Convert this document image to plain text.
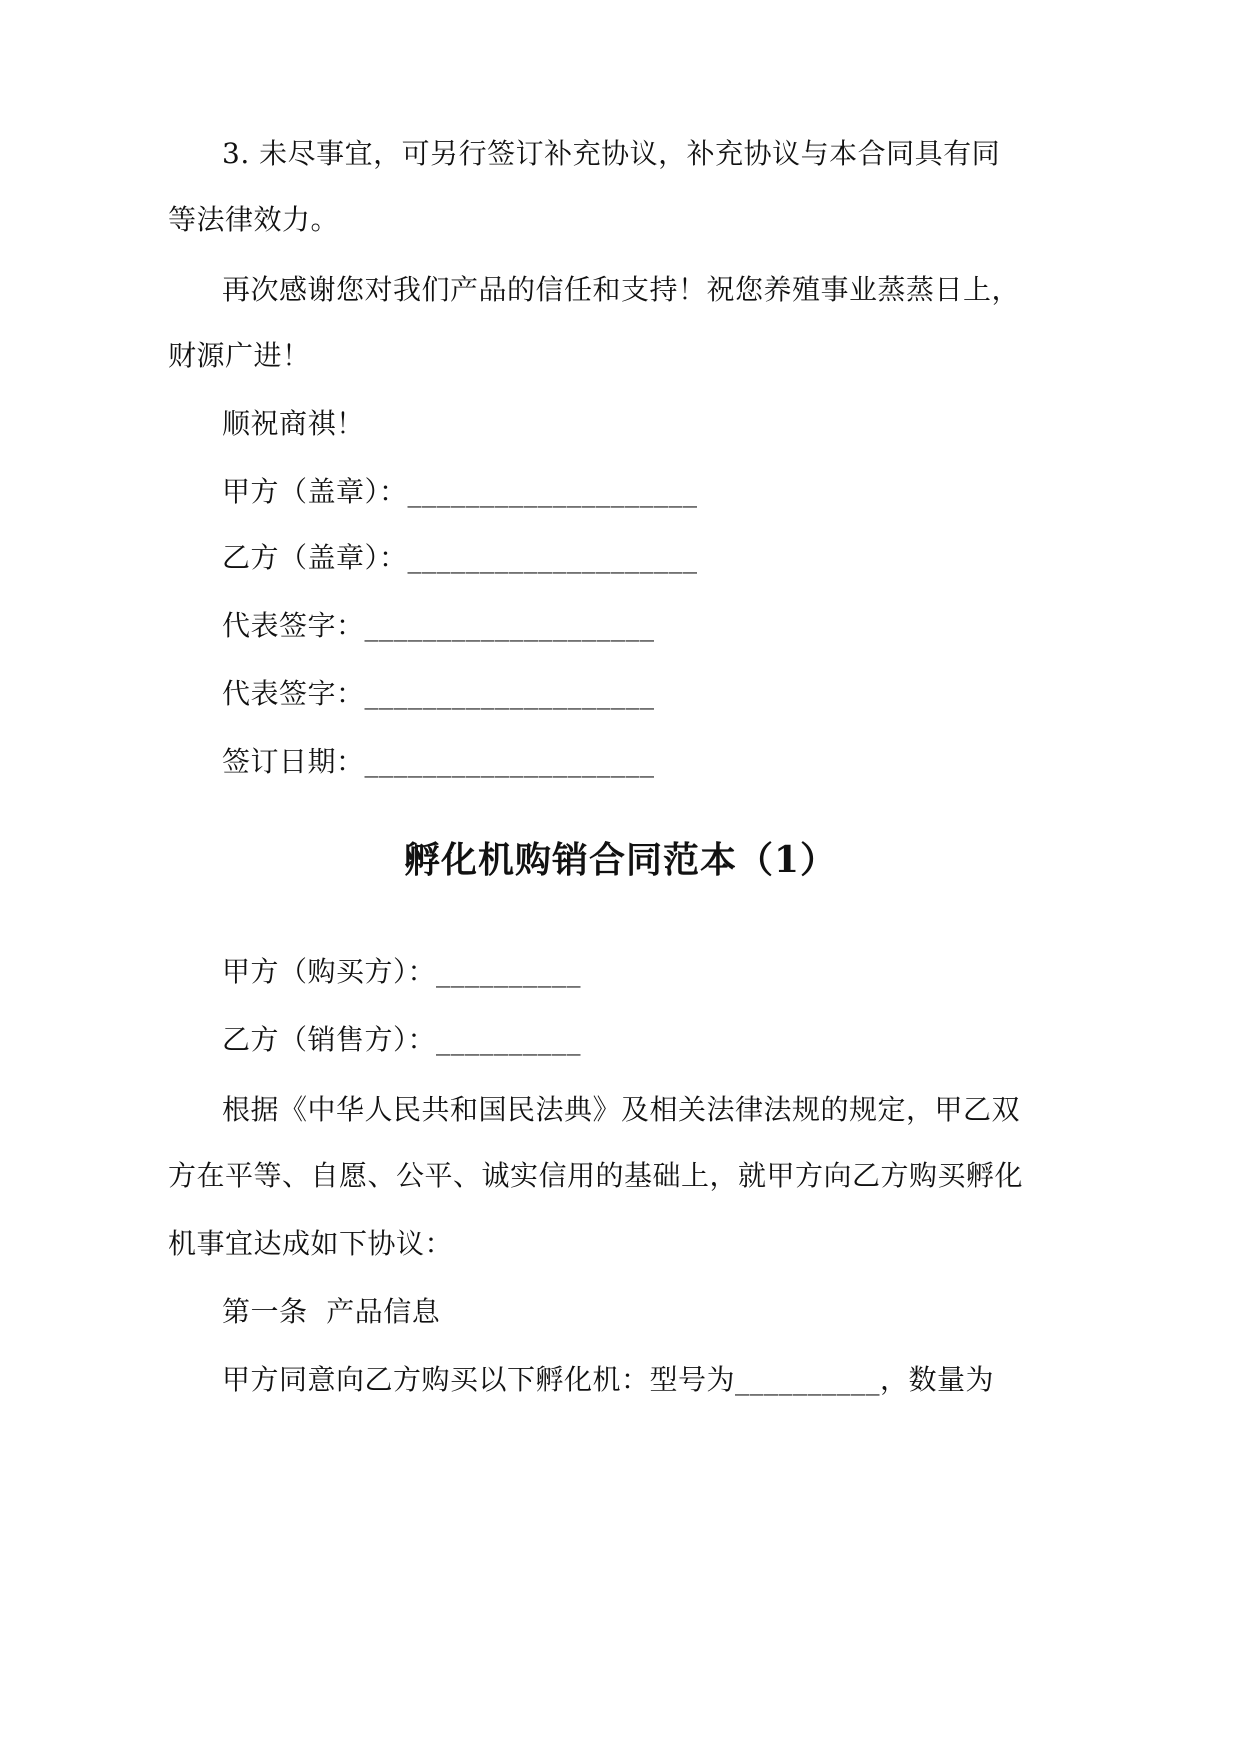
3. 未尽事宜，可另行签订补充协议，补充协议与本合同具有同

等法律效力。

再次感谢您对我们产品的信任和支持！祝您养殖事业蒸蒸日上，

财源广进！

顺祝商祺！

甲方（盖章）：____________________

乙方（盖章）：____________________

代表签字：____________________

代表签字：____________________

签订日期：____________________

孵化机购销合同范本（1）

甲方（购买方）：__________

乙方（销售方）：__________

根据《中华人民共和国民法典》及相关法律法规的规定，甲乙双

方在平等、自愿、公平、诚实信用的基础上，就甲方向乙方购买孵化

机事宜达成如下协议：

第一条  产品信息

甲方同意向乙方购买以下孵化机：型号为__________，数量为
